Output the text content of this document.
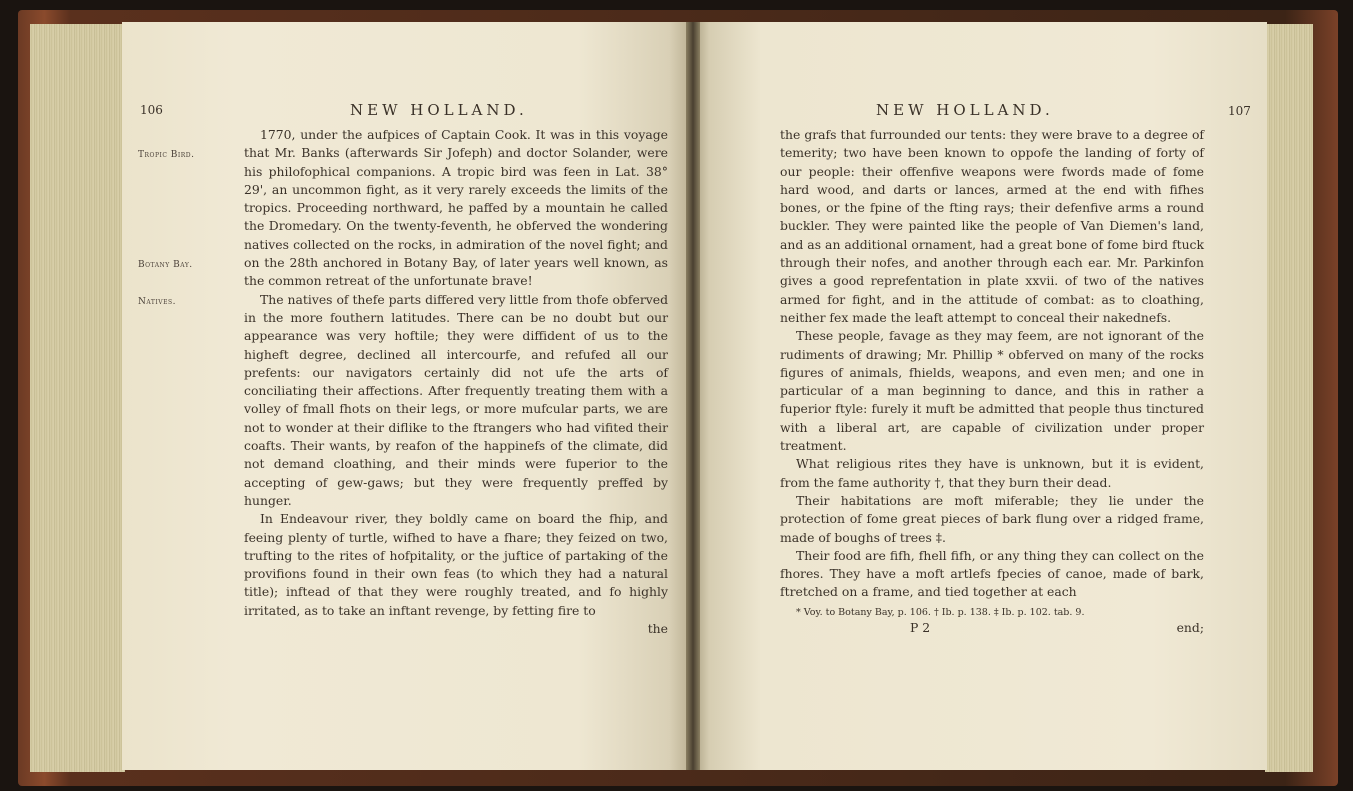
106	NEW HOLLAND.
Tropic Bird.
Botany Bay.
Natives.

1770, under the aufpices of Captain Cook. It was in this voyage that Mr. Banks (afterwards Sir Jofeph) and doctor Solander, were his philofophical companions. A tropic bird was feen in Lat. 38° 29', an uncommon fight, as it very rarely exceeds the limits of the tropics. Proceeding northward, he paffed by a mountain he called the Dromedary. On the twenty-feventh, he obferved the wondering natives collected on the rocks, in admiration of the novel fight; and on the 28th anchored in Botany Bay, of later years well known, as the common retreat of the unfortunate brave!

The natives of thefe parts differed very little from thofe obferved in the more fouthern latitudes. There can be no doubt but our appearance was very hoftile; they were diffident of us to the higheft degree, declined all intercourfe, and refufed all our prefents: our navigators certainly did not ufe the arts of conciliating their affections. After frequently treating them with a volley of fmall fhots on their legs, or more mufcular parts, we are not to wonder at their diflike to the ftrangers who had vifited their coafts. Their wants, by reafon of the happinefs of the climate, did not demand cloathing, and their minds were fuperior to the accepting of gew-gaws; but they were frequently preffed by hunger.

In Endeavour river, they boldly came on board the fhip, and feeing plenty of turtle, wifhed to have a fhare; they feized on two, trufting to the rites of hofpitality, or the juftice of partaking of the provifions found in their own feas (to which they had a natural title); inftead of that they were roughly treated, and fo highly irritated, as to take an inftant revenge, by fetting fire to

the

NEW HOLLAND.	107

the grafs that furrounded our tents: they were brave to a degree of temerity; two have been known to oppofe the landing of forty of our people: their offenfive weapons were fwords made of fome hard wood, and darts or lances, armed at the end with fifhes bones, or the fpine of the fting rays; their defenfive arms a round buckler. They were painted like the people of Van Diemen's land, and as an additional ornament, had a great bone of fome bird ftuck through their nofes, and another through each ear. Mr. Parkinfon gives a good reprefentation in plate xxvii. of two of the natives armed for fight, and in the attitude of combat: as to cloathing, neither fex made the leaft attempt to conceal their nakednefs.

These people, favage as they may feem, are not ignorant of the rudiments of drawing; Mr. Phillip * obferved on many of the rocks figures of animals, fhields, weapons, and even men; and one in particular of a man beginning to dance, and this in rather a fuperior ftyle: furely it muft be admitted that people thus tinctured with a liberal art, are capable of civilization under proper treatment.

What religious rites they have is unknown, but it is evident, from the fame authority †, that they burn their dead.

Their habitations are moft miferable; they lie under the protection of fome great pieces of bark flung over a ridged frame, made of boughs of trees ‡.

Their food are fifh, fhell fifh, or any thing they can collect on the fhores. They have a moft artlefs fpecies of canoe, made of bark, ftretched on a frame, and tied together at each

* Voy. to Botany Bay, p. 106. † Ib. p. 138. ‡ Ib. p. 102. tab. 9.

P 2	end;
